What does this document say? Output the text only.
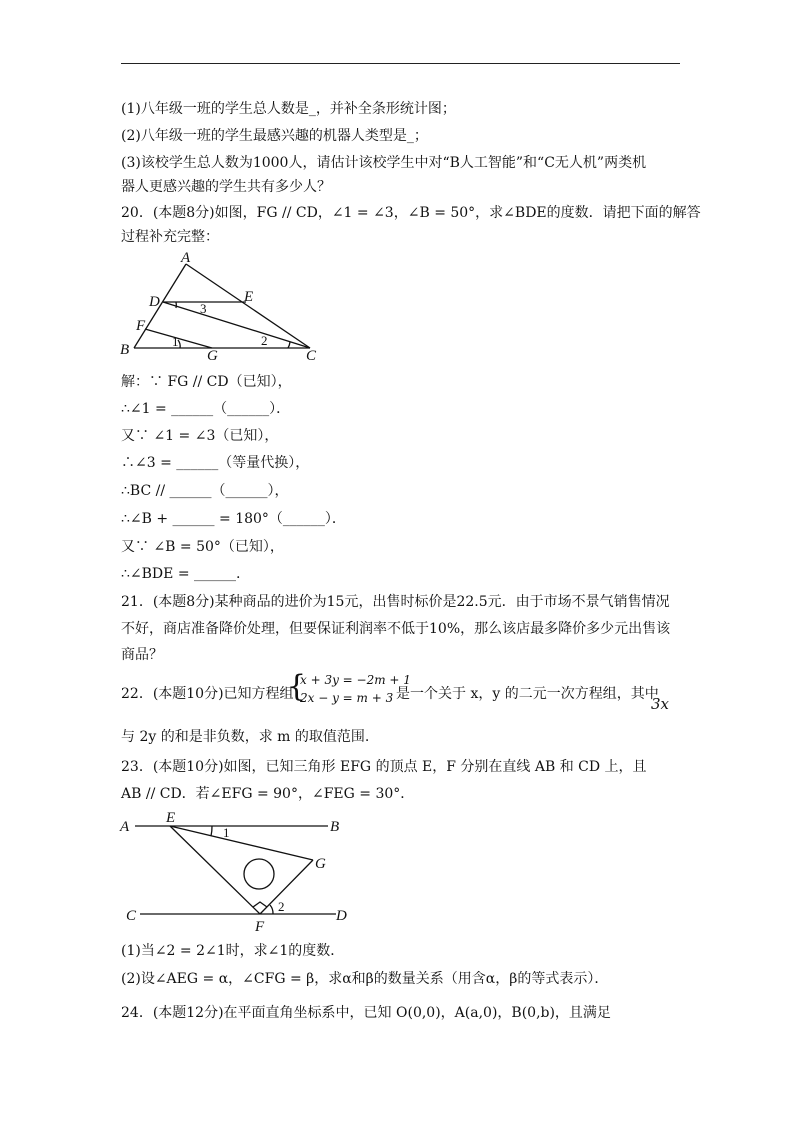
(1)八年级一班的学生总人数是_，并补全条形统计图；
(2)八年级一班的学生最感兴趣的机器人类型是_；
(3)该校学生总人数为1000人，请估计该校学生中对“B人工智能”和“C无人机”两类机
器人更感兴趣的学生共有多少人？
20．(本题8分)如图，FG // CD，∠1 = ∠3，∠B = 50°，求∠BDE的度数．请把下面的解答
过程补充完整：
A
B	C
D	E
F
G
1	2
3
解：∵ FG // CD（已知），
∴∠1 = ______（______）．
又∵ ∠1 = ∠3（已知），
∴∠3 = ______（等量代换），
∴BC // ______（______），
∴∠B + ______ = 180°（______）．
又∵ ∠B = 50°（已知），
∴∠BDE = ______.
21．(本题8分)某种商品的进价为15元，出售时标价是22.5元．由于市场不景气销售情况
不好，商店准备降价处理，但要保证利润率不低于10%，那么该店最多降价多少元出售该
商品？
22．(本题10分)已知方程组
{
x + 3y = −2m + 1
2x − y = m + 3 是一个关于 x，y 的二元一次方程组，其中
3x
与 2y 的和是非负数，求 m 的取值范围.
23．(本题10分)如图，已知三角形 EFG 的顶点 E，F 分别在直线 AB 和 CD 上，且
AB // CD．若∠EFG = 90°，∠FEG = 30°．
A	B
C	D
E
F
G
1
2
(1)当∠2 = 2∠1时，求∠1的度数．
(2)设∠AEG = α，∠CFG = β，求α和β的数量关系（用含α，β的等式表示）．
24．(本题12分)在平面直角坐标系中，已知 O(0,0)，A(a,0)，B(0,b)，且满足
